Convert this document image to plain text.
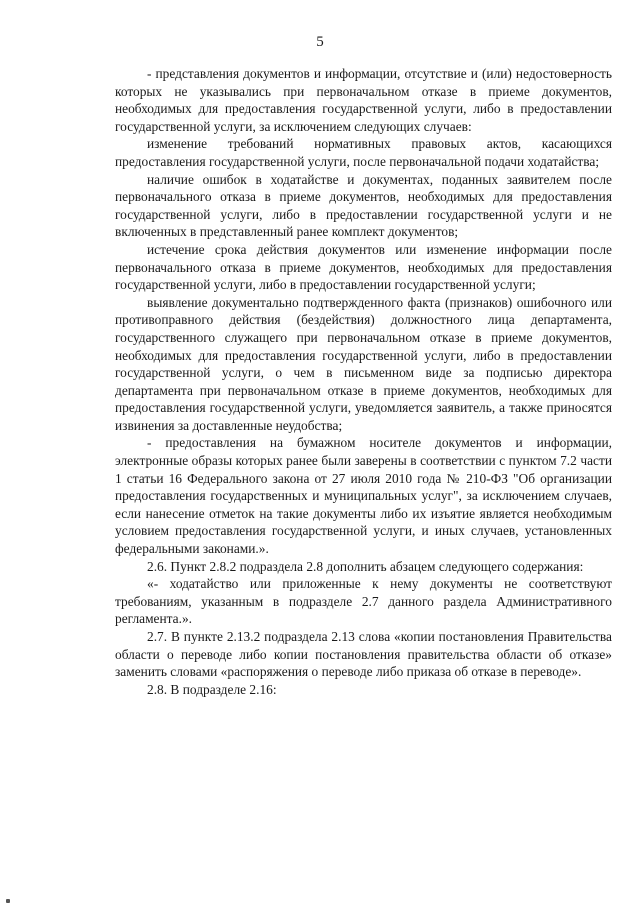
5

- представления документов и информации, отсутствие и (или) недостоверность которых не указывались при первоначальном отказе в приеме документов, необходимых для предоставления государственной услуги, либо в предоставлении государственной услуги, за исключением следующих случаев:

изменение требований нормативных правовых актов, касающихся предоставления государственной услуги, после первоначальной подачи ходатайства;

наличие ошибок в ходатайстве и документах, поданных заявителем после первоначального отказа в приеме документов, необходимых для предоставления государственной услуги, либо в предоставлении государственной услуги и не включенных в представленный ранее комплект документов;

истечение срока действия документов или изменение информации после первоначального отказа в приеме документов, необходимых для предоставления государственной услуги, либо в предоставлении государственной услуги;

выявление документально подтвержденного факта (признаков) ошибочного или противоправного действия (бездействия) должностного лица департамента, государственного служащего при первоначальном отказе в приеме документов, необходимых для предоставления государственной услуги, либо в предоставлении государственной услуги, о чем в письменном виде за подписью директора департамента при первоначальном отказе в приеме документов, необходимых для предоставления государственной услуги, уведомляется заявитель, а также приносятся извинения за доставленные неудобства;

- предоставления на бумажном носителе документов и информации, электронные образы которых ранее были заверены в соответствии с пунктом 7.2 части 1 статьи 16 Федерального закона от 27 июля 2010 года № 210-ФЗ "Об организации предоставления государственных и муниципальных услуг", за исключением случаев, если нанесение отметок на такие документы либо их изъятие является необходимым условием предоставления государственной услуги, и иных случаев, установленных федеральными законами.».

2.6. Пункт 2.8.2 подраздела 2.8 дополнить абзацем следующего содержания:

«- ходатайство или приложенные к нему документы не соответствуют требованиям, указанным в подразделе 2.7 данного раздела Административного регламента.».

2.7. В пункте 2.13.2 подраздела 2.13 слова «копии постановления Правительства области о переводе либо копии постановления правительства области об отказе» заменить словами «распоряжения о переводе либо приказа об отказе в переводе».

2.8. В подразделе 2.16:
